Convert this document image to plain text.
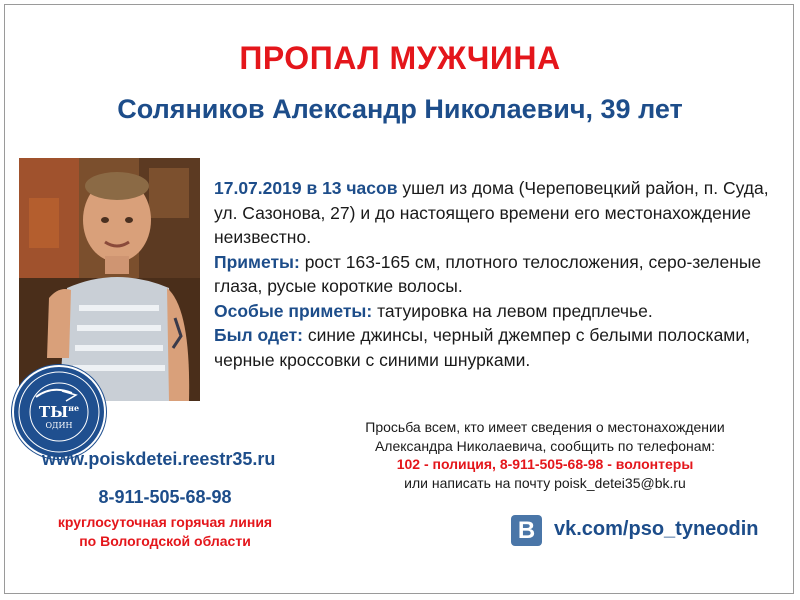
ПРОПАЛ МУЖЧИНА
Соляников Александр Николаевич, 39 лет
$ТЫ^{не}$
ОДИН

17.07.2019 в 13 часов ушел из дома (Череповецкий район, п. Суда, ул. Сазонова, 27) и до настоящего времени его местонахождение неизвестно.

Приметы: рост 163-165 см, плотного телосложения, серо-зеленые глаза, русые короткие волосы.

Особые приметы: татуировка на левом предплечье.

Был одет: синие джинсы, черный джемпер с белыми полосками, черные кроссовки с синими шнурками.

www.poiskdetei.reestr35.ru
8-911-505-68-98
круглосуточная горячая линия
по Вологодской области
Просьба всем, кто имеет сведения о местонахождении
Александра Николаевича, сообщить по телефонам:
102 - полиция, 8-911-505-68-98 - волонтеры
или написать на почту poisk_detei35@bk.ru
B vk.com/pso_tyneodin
